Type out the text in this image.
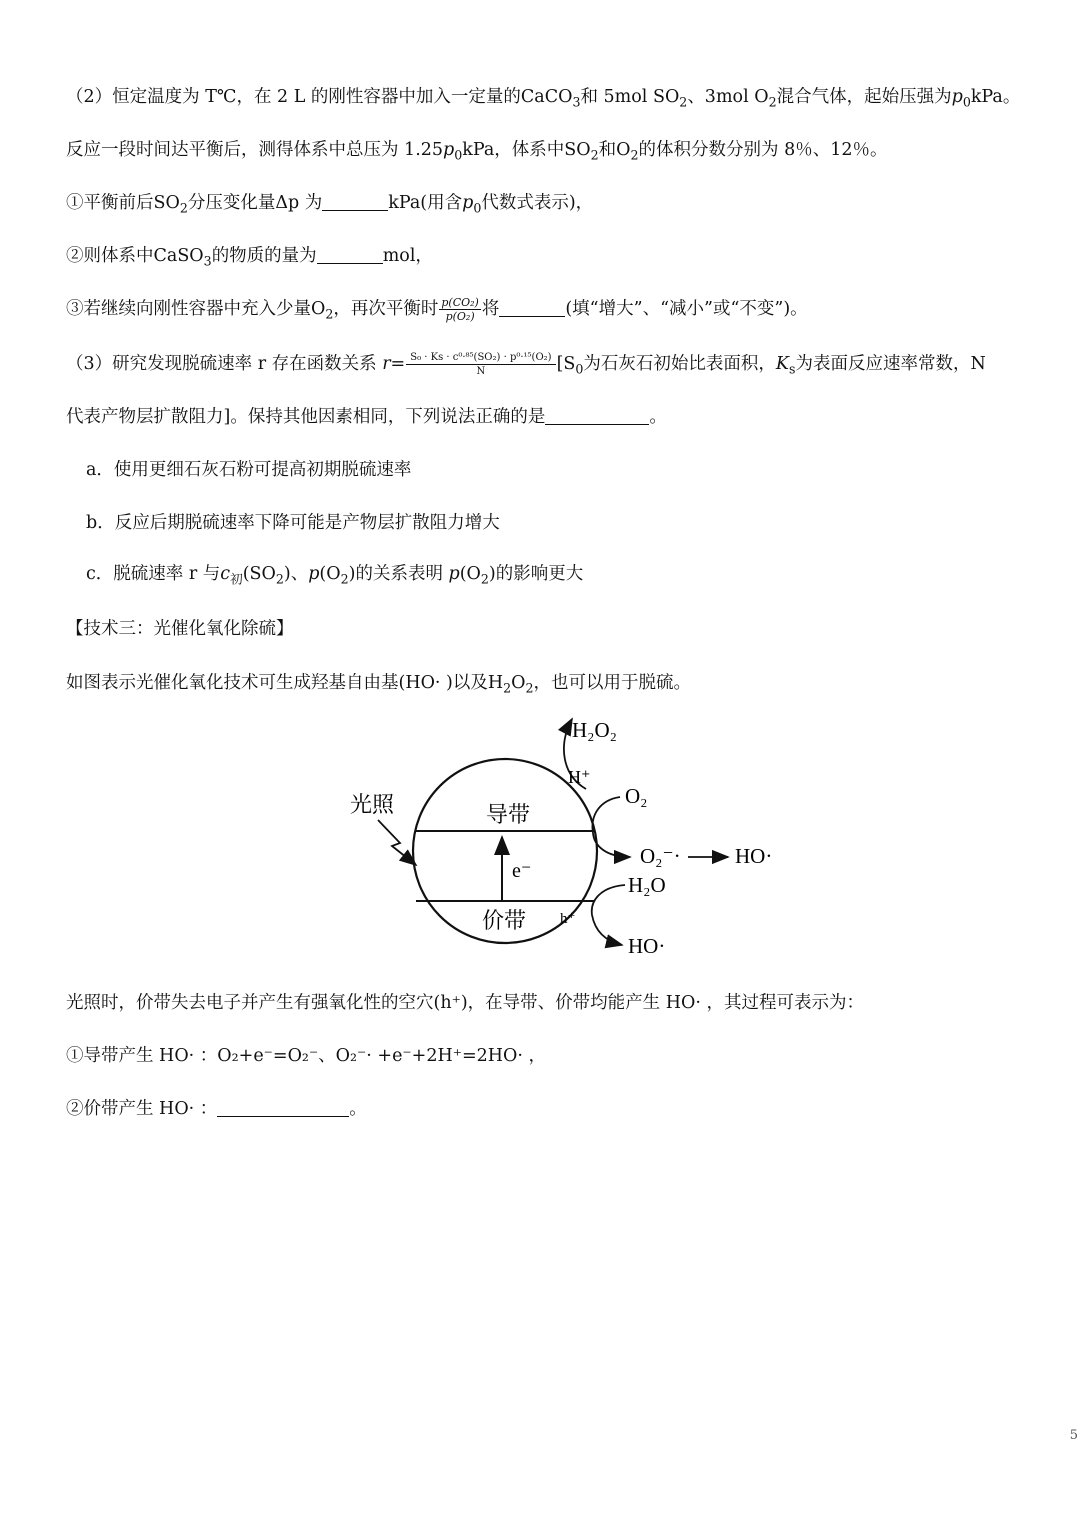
（2）恒定温度为 T℃，在 2 L 的刚性容器中加入一定量的CaCO$_3$和 5mol $SO_2$、3mol $O_2$混合气体，起始压强为$p_0kPa$。
反应一段时间达平衡后，测得体系中总压为 $1.25p_0kPa$，体系中$SO_2$和$O_2$的体积分数分别为 8％、12％。
①平衡前后$SO_2$分压变化量Δp 为	kPa(用含$p_0$代数式表示)，
②则体系中CaSO$_3$的物质的量为	mol，
③若继续向刚性容器中充入少量$O_2$，再次平衡时 $\frac{\text{p(CO₂)}}{\text{p(O₂)}}$ 将	(填“增大”、“减小”或“不变”)。
（3）研究发现脱硫速率 r 存在函数关系 $r= \frac{\text{S₀ · Ks · c⁰·⁸⁵(SO₂) · p⁰·¹⁵(O₂)}}{N} [S_0$为石灰石初始比表面积，$K_s$为表面反应速率常数，N
代表产物层扩散阻力]。保持其他因素相同，下列说法正确的是	。
a．使用更细石灰石粉可提高初期脱硫速率
b．反应后期脱硫速率下降可能是产物层扩散阻力增大
c．脱硫速率 r 与$c_初(SO_2)$、$p(O_2)$的关系表明 $p(O_2)$的影响更大
【技术三：光催化氧化除硫】
如图表示光催化氧化技术可生成羟基自由基(HO· )以及$H_2O_2$，也可以用于脱硫。
e⁻
导带
价带 h⁺
光照
H₂O₂
H⁺
O₂
O₂⁻·	HO·
H₂O
HO·
光照时，价带失去电子并产生有强氧化性的空穴(h⁺)，在导带、价带均能产生 HO· ，其过程可表示为：
①导带产生 HO· ：O₂+e⁻=O₂⁻、O₂⁻· +e⁻+2H⁺=2HO· ，
②价带产生 HO· ：	。
5
